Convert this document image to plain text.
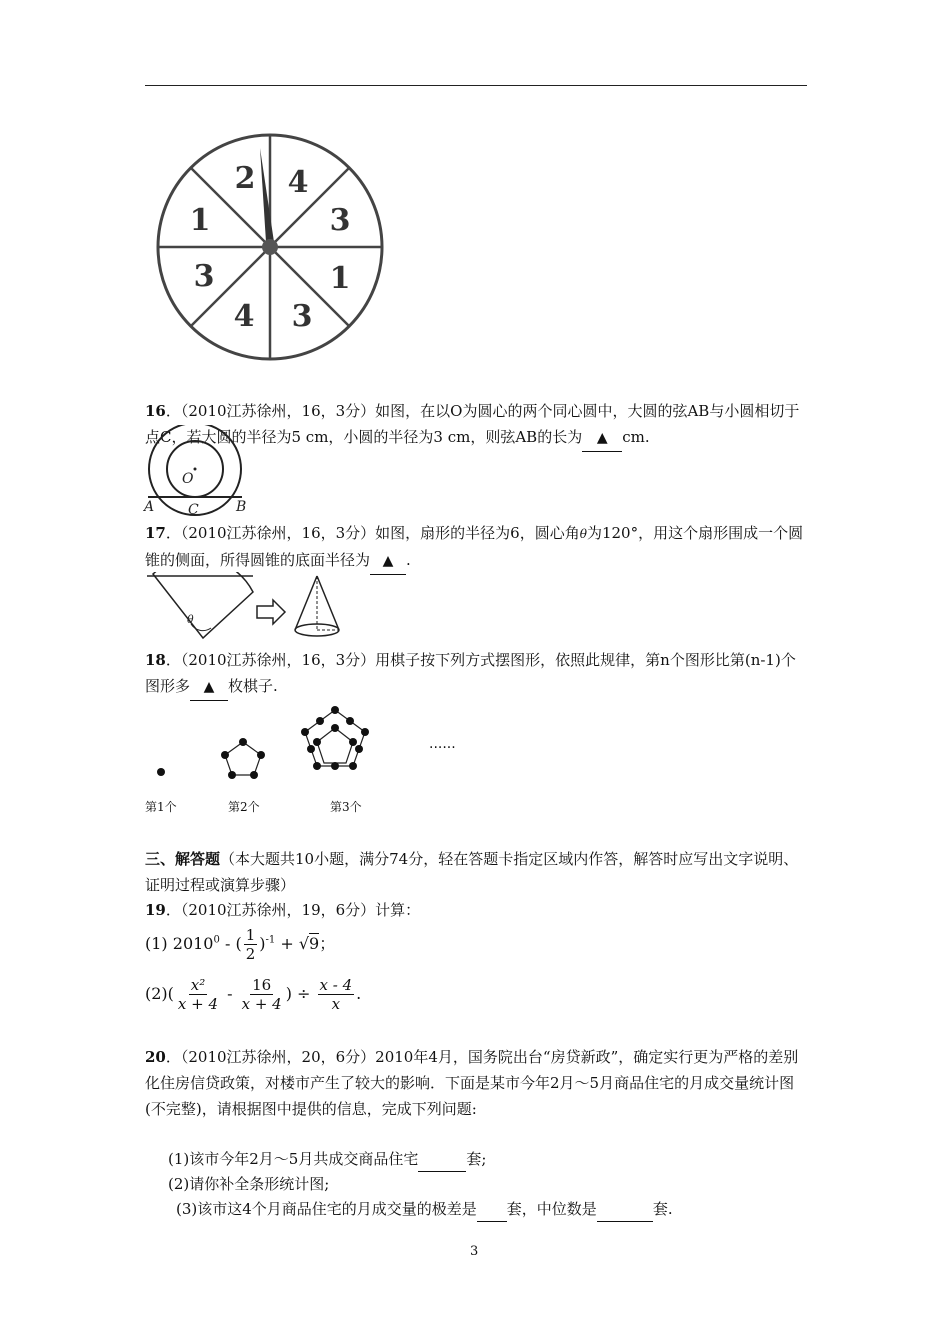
2 4
3
1
3
4
3
1

16．（2010江苏徐州，16，3分）如图，在以O为圆心的两个同心圆中，大圆的弦AB与小圆相切于点C，若大圆的半径为5 cm，小圆的半径为3 cm，则弦AB的长为 ▲ cm.

O
A C	B

17．（2010江苏徐州，16，3分）如图，扇形的半径为6，圆心角θ为120°，用这个扇形围成一个圆锥的侧面，所得圆锥的底面半径为 ▲ .

θ

18．（2010江苏徐州，16，3分）用棋子按下列方式摆图形，依照此规律，第n个图形比第(n-1)个图形多 ▲ 枚棋子.

······
第1个	第2个	第3个

三、解答题（本大题共10小题，满分74分，轻在答题卡指定区域内作答，解答时应写出文字说明、证明过程或演算步骤）

19．（2010江苏徐州，19，6分）计算：

(1) 2010$^0$ - ( $\frac{1}{2} )^{-1} + √9$；
$(2)( \frac{\text{x²}}{x + 4} - \frac{16}{x + 4}$ ) ÷ $\frac{x - 4}{x}$ .

20．（2010江苏徐州，20，6分）2010年4月，国务院出台“房贷新政”，确定实行更为严格的差别化住房信贷政策，对楼市产生了较大的影响．下面是某市今年2月～5月商品住宅的月成交量统计图(不完整)，请根据图中提供的信息，完成下列问题:

(1)该市今年2月～5月共成交商品住宅	套;
(2)请你补全条形统计图;
(3)该市这4个月商品住宅的月成交量的极差是 套，中位数是	套.
3
